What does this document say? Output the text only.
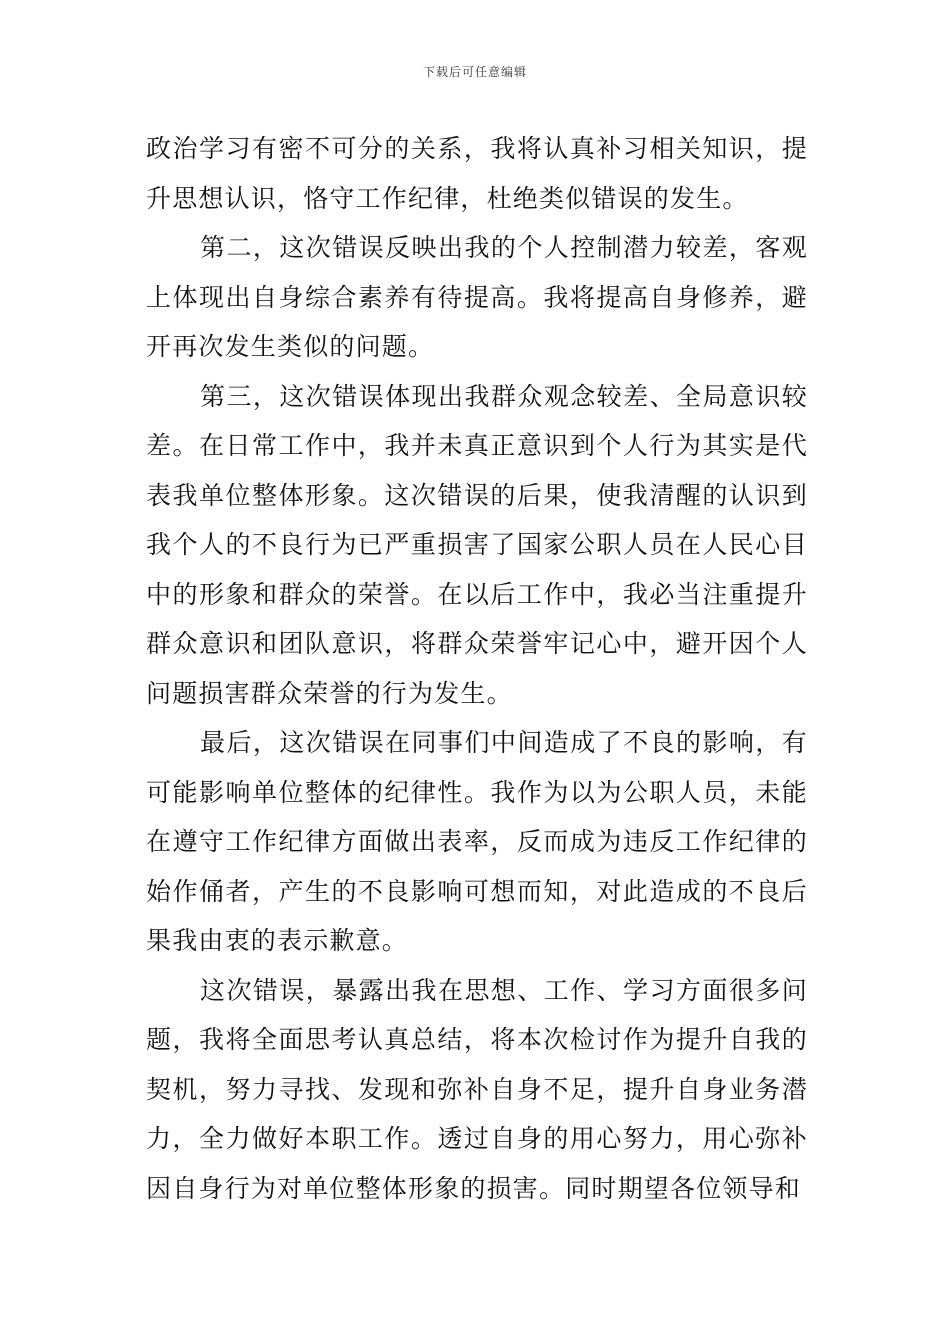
下载后可任意编辑

政治学习有密不可分的关系，我将认真补习相关知识，提升思想认识，恪守工作纪律，杜绝类似错误的发生。

第二，这次错误反映出我的个人控制潜力较差，客观上体现出自身综合素养有待提高。我将提高自身修养，避开再次发生类似的问题。

第三，这次错误体现出我群众观念较差、全局意识较差。在日常工作中，我并未真正意识到个人行为其实是代表我单位整体形象。这次错误的后果，使我清醒的认识到我个人的不良行为已严重损害了国家公职人员在人民心目中的形象和群众的荣誉。在以后工作中，我必当注重提升群众意识和团队意识，将群众荣誉牢记心中，避开因个人问题损害群众荣誉的行为发生。

最后，这次错误在同事们中间造成了不良的影响，有可能影响单位整体的纪律性。我作为以为公职人员，未能在遵守工作纪律方面做出表率，反而成为违反工作纪律的始作俑者，产生的不良影响可想而知，对此造成的不良后果我由衷的表示歉意。

这次错误，暴露出我在思想、工作、学习方面很多问题，我将全面思考认真总结，将本次检讨作为提升自我的契机，努力寻找、发现和弥补自身不足，提升自身业务潜力，全力做好本职工作。透过自身的用心努力，用心弥补因自身行为对单位整体形象的损害。同时期望各位领导和
